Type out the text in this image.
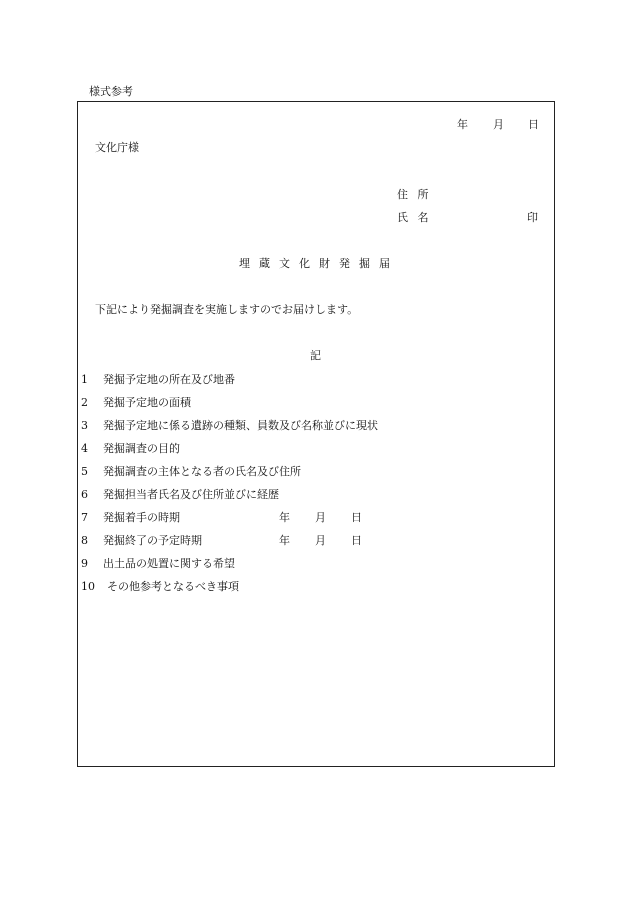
様式参考
年 月 日
文化庁様
住 所
氏 名	印
埋蔵文化財発掘届
下記により発掘調査を実施しますのでお届けします。
記
1 発掘予定地の所在及び地番
2 発掘予定地の面積
3 発掘予定地に係る遺跡の種類、員数及び名称並びに現状
4 発掘調査の目的
5 発掘調査の主体となる者の氏名及び住所
6 発掘担当者氏名及び住所並びに経歴
7 発掘着手の時期	年 月 日
8 発掘終了の予定時期	年 月 日
9 出土品の処置に関する希望
10 その他参考となるべき事項
